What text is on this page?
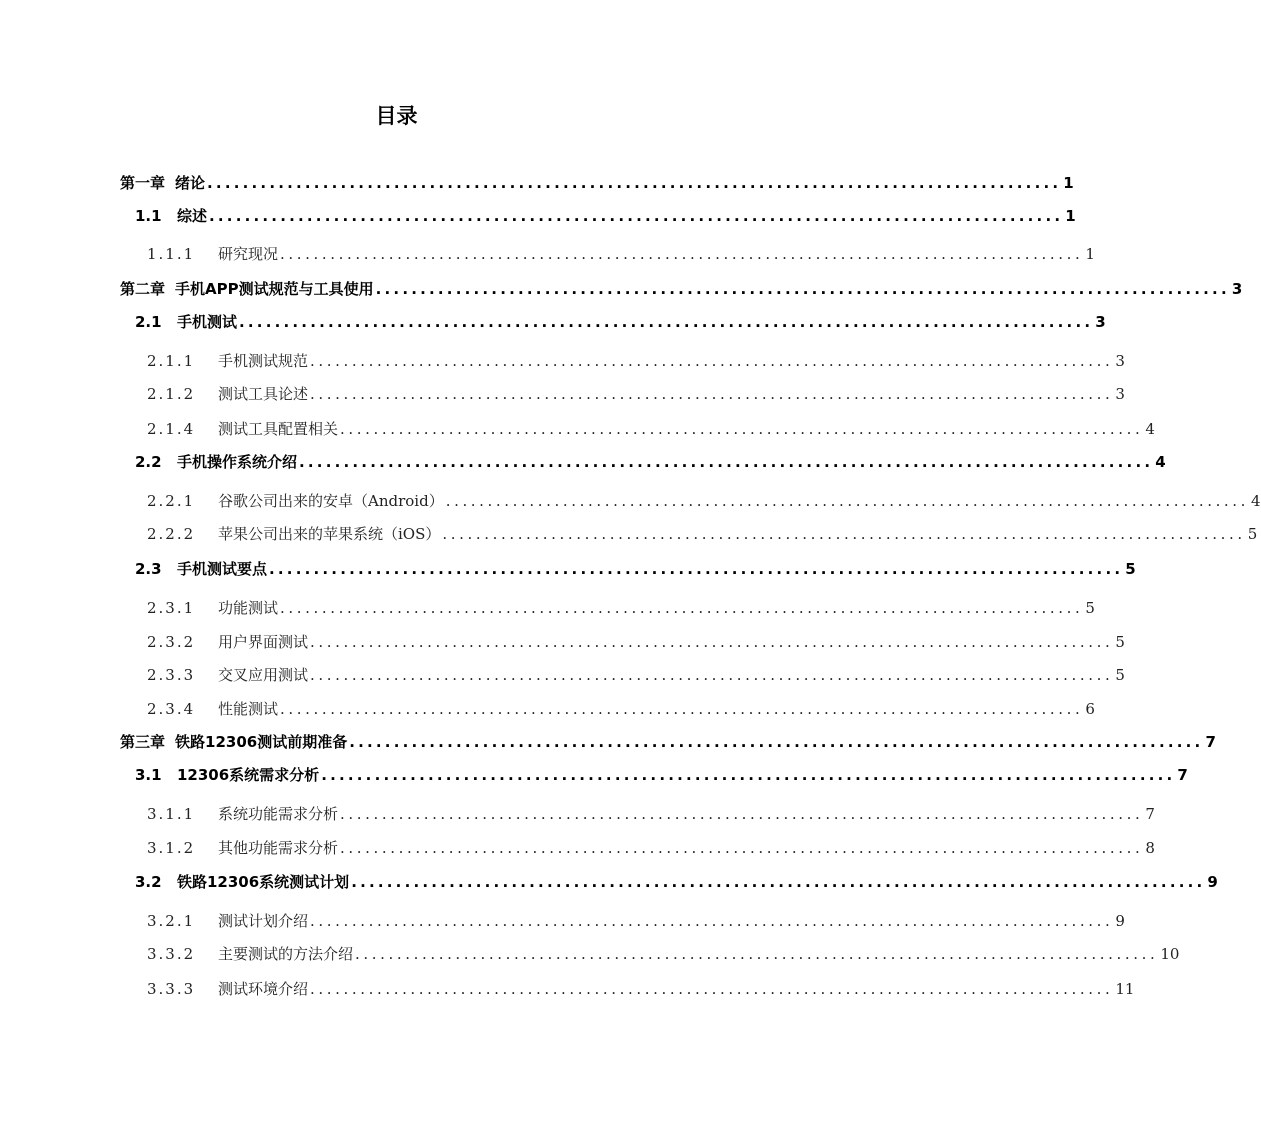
目录
第一章 绪论 ................................................................................................ 1
1.1 综述 ................................................................................................ 1
1.1.1 研究现况 ................................................................................................ 1
第二章 手机APP测试规范与工具使用 ................................................................................................ 3
2.1 手机测试 ................................................................................................ 3
2.1.1 手机测试规范 ................................................................................................ 3
2.1.2 测试工具论述 ................................................................................................ 3
2.1.4 测试工具配置相关 ................................................................................................ 4
2.2 手机操作系统介绍 ................................................................................................ 4
2.2.1 谷歌公司出来的安卓（Android） ................................................................................................ 4
2.2.2 苹果公司出来的苹果系统（iOS） ................................................................................................ 5
2.3 手机测试要点 ................................................................................................ 5
2.3.1 功能测试 ................................................................................................ 5
2.3.2 用户界面测试 ................................................................................................ 5
2.3.3 交叉应用测试 ................................................................................................ 5
2.3.4 性能测试 ................................................................................................ 6
第三章 铁路12306测试前期准备 ................................................................................................ 7
3.1 12306系统需求分析 ................................................................................................ 7
3.1.1 系统功能需求分析 ................................................................................................ 7
3.1.2 其他功能需求分析 ................................................................................................ 8
3.2 铁路12306系统测试计划 ................................................................................................ 9
3.2.1 测试计划介绍 ................................................................................................ 9
3.3.2 主要测试的方法介绍 ................................................................................................ 10
3.3.3 测试环境介绍 ................................................................................................ 11
